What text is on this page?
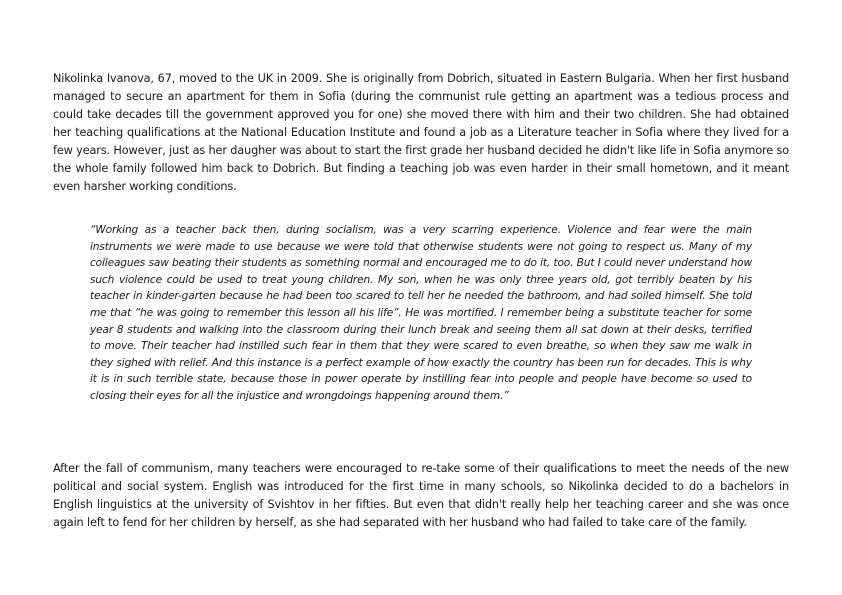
Nikolinka Ivanova, 67, moved to the UK in 2009. She is originally from Dobrich, situated in Eastern Bulgaria. When her first husband managed to secure an apartment for them in Sofia (during the communist rule getting an apartment was a tedious process and could take decades till the government approved you for one) she moved there with him and their two children. She had obtained her teaching qualifications at the National Education Institute and found a job as a Literature teacher in Sofia where they lived for a few years. However, just as her daugher was about to start the first grade her husband decided he didn't like life in Sofia anymore so the whole family followed him back to Dobrich. But finding a teaching job was even harder in their small hometown, and it meant even harsher working conditions.

“Working as a teacher back then, during socialism, was a very scarring experience. Violence and fear were the main instruments we were made to use because we were told that otherwise students were not going to respect us. Many of my colleagues saw beating their students as something normal and encouraged me to do it, too. But I could never understand how such violence could be used to treat young children. My son, when he was only three years old, got terribly beaten by his teacher in kinder-garten because he had been too scared to tell her he needed the bathroom, and had soiled himself. She told me that “he was going to remember this lesson all his life”. He was mortified. I remember being a substitute teacher for some year 8 students and walking into the classroom during their lunch break and seeing them all sat down at their desks, terrified to move. Their teacher had instilled such fear in them that they were scared to even breathe, so when they saw me walk in they sighed with relief. And this instance is a perfect example of how exactly the country has been run for decades. This is why it is in such terrible state, because those in power operate by instilling fear into people and people have become so used to closing their eyes for all the injustice and wrongdoings happening around them.”

After the fall of communism, many teachers were encouraged to re-take some of their qualifications to meet the needs of the new political and social system. English was introduced for the first time in many schools, so Nikolinka decided to do a bachelors in English linguistics at the university of Svishtov in her fifties. But even that didn't really help her teaching career and she was once again left to fend for her children by herself, as she had separated with her husband who had failed to take care of the family.
